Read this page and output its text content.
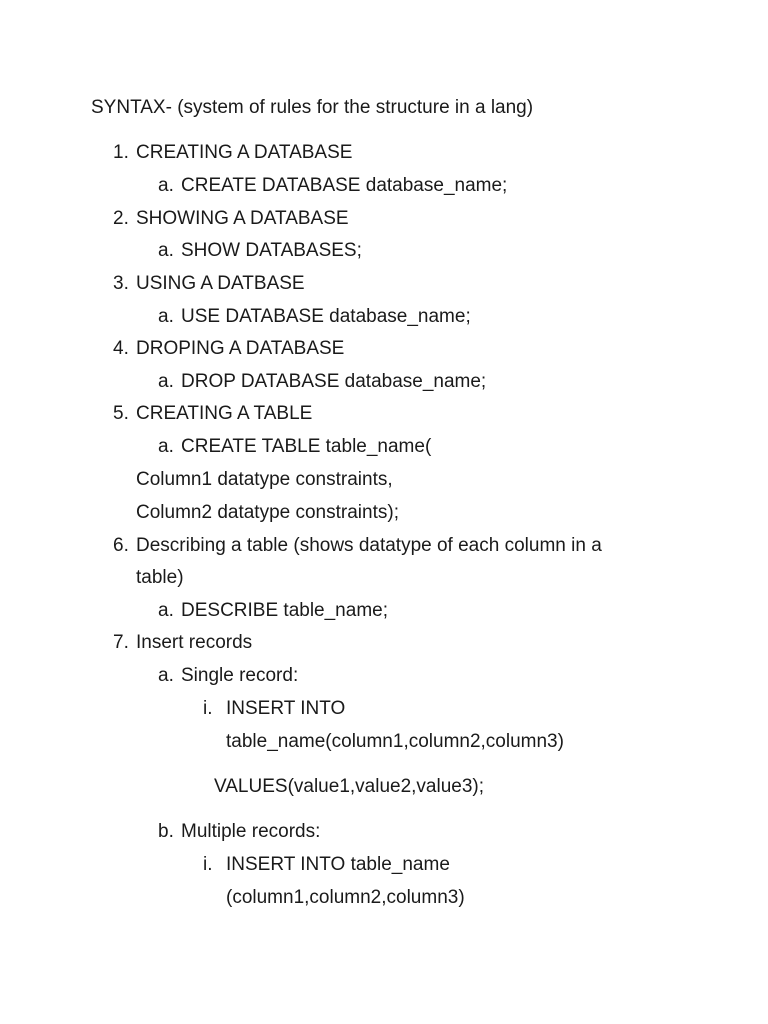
SYNTAX- (system of rules for the structure in a lang)
1. CREATING A DATABASE
a. CREATE DATABASE database_name;
2. SHOWING A DATABASE
a. SHOW DATABASES;
3. USING A DATBASE
a. USE DATABASE database_name;
4. DROPING A DATABASE
a. DROP DATABASE database_name;
5. CREATING A TABLE
a. CREATE TABLE table_name(
Column1 datatype constraints,
Column2 datatype constraints);
6. Describing a table (shows datatype of each column in a
table)
a. DESCRIBE table_name;
7. Insert records
a. Single record:
i. INSERT INTO
table_name(column1,column2,column3)
VALUES(value1,value2,value3);
b. Multiple records:
i. INSERT INTO table_name
(column1,column2,column3)
